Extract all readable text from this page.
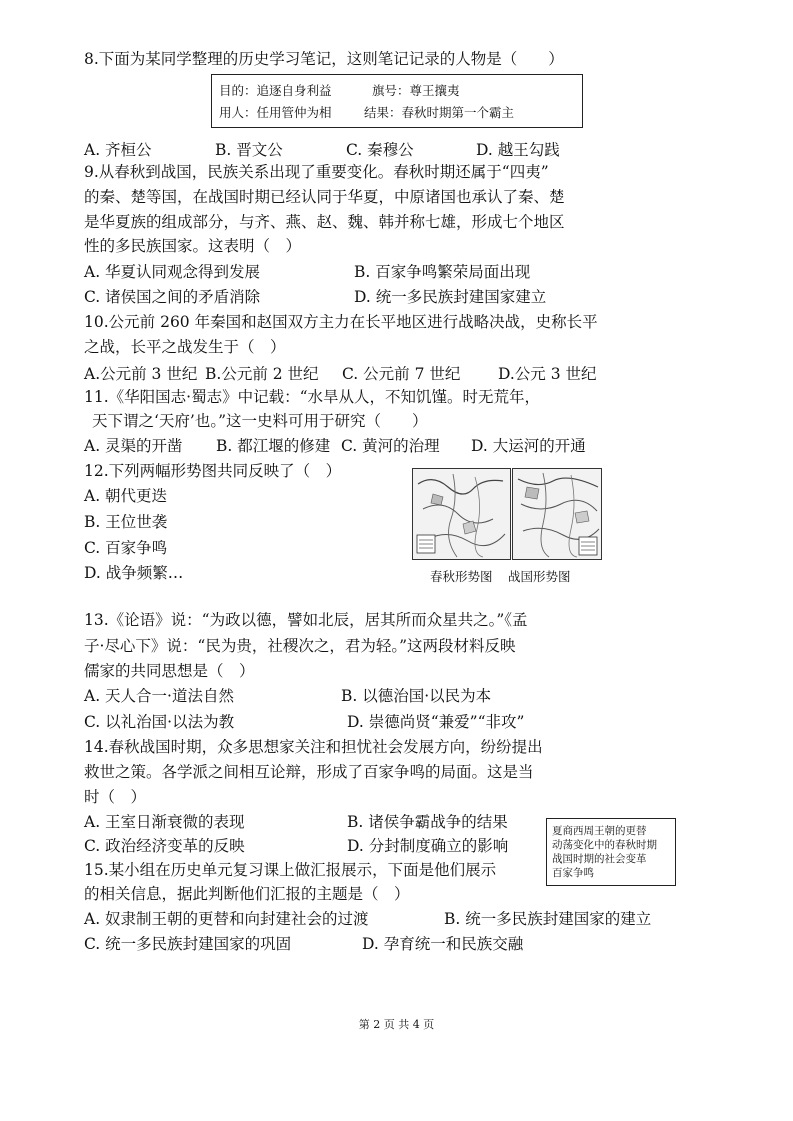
8.下面为某同学整理的历史学习笔记，这则笔记记录的人物是（　　）
目的：追逐自身利益	旗号：尊王攘夷
用人：任用管仲为相	结果：春秋时期第一个霸主
A. 齐桓公	B. 晋文公	C. 秦穆公	D. 越王勾践
9.从春秋到战国，民族关系出现了重要变化。春秋时期还属于“四夷”
的秦、楚等国，在战国时期已经认同于华夏，中原诸国也承认了秦、楚
是华夏族的组成部分，与齐、燕、赵、魏、韩并称七雄，形成七个地区
性的多民族国家。这表明（　）
A. 华夏认同观念得到发展	B. 百家争鸣繁荣局面出现
C. 诸侯国之间的矛盾消除	D. 统一多民族封建国家建立
10.公元前 260 年秦国和赵国双方主力在长平地区进行战略决战，史称长平
之战，长平之战发生于（　）
A.公元前 3 世纪 B.公元前 2 世纪 C. 公元前 7 世纪 D.公元 3 世纪
11.《华阳国志·蜀志》中记载：“水旱从人，不知饥馑。时无荒年，
天下谓之‘天府’也。”这一史料可用于研究（　　）
A. 灵渠的开凿 B. 都江堰的修建 C. 黄河的治理 D. 大运河的开通
12.下列两幅形势图共同反映了（　）
A. 朝代更迭
B. 王位世袭
C. 百家争鸣
D. 战争频繁…	春秋形势图 战国形势图
13.《论语》说：“为政以德，譬如北辰，居其所而众星共之。”《孟
子·尽心下》说：“民为贵，社稷次之，君为轻。”这两段材料反映
儒家的共同思想是（　）
A. 天人合一·道法自然	B. 以德治国·以民为本
C. 以礼治国·以法为教	D. 崇德尚贤“兼爱”“非攻”
14.春秋战国时期，众多思想家关注和担忧社会发展方向，纷纷提出
救世之策。各学派之间相互论辩，形成了百家争鸣的局面。这是当
时（　）
A. 王室日渐衰微的表现	B. 诸侯争霸战争的结果
C. 政治经济变革的反映	D. 分封制度确立的影响
15.某小组在历史单元复习课上做汇报展示，下面是他们展示
的相关信息，据此判断他们汇报的主题是（　）
夏商西周王朝的更替
动荡变化中的春秋时期
战国时期的社会变革
百家争鸣
A. 奴隶制王朝的更替和向封建社会的过渡	B. 统一多民族封建国家的建立
C. 统一多民族封建国家的巩固	D. 孕育统一和民族交融
第 2 页 共 4 页
